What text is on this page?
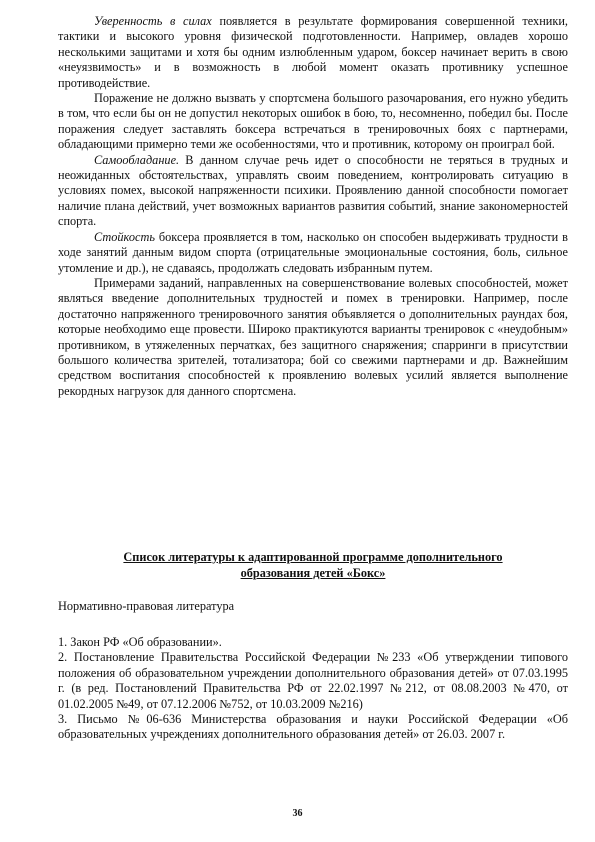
Уверенность в силах появляется в результате формирования совершенной техники, тактики и высокого уровня физической подготовленности. Например, овладев хорошо несколькими защитами и хотя бы одним излюбленным ударом, боксер начинает верить в свою «неуязвимость» и в возможность в любой момент оказать противнику успешное противодействие.

Поражение не должно вызвать у спортсмена большого разочарования, его нужно убедить в том, что если бы он не допустил некоторых ошибок в бою, то, несомненно, победил бы. После поражения следует заставлять боксера встречаться в тренировочных боях с партнерами, обладающими примерно теми же особенностями, что и противник, которому он проиграл бой.

Самообладание. В данном случае речь идет о способности не теряться в трудных и неожиданных обстоятельствах, управлять своим поведением, контролировать ситуацию в условиях помех, высокой напряженности психики. Проявлению данной способности помогает наличие плана действий, учет возможных вариантов развития событий, знание закономерностей спорта.

Стойкость боксера проявляется в том, насколько он способен выдерживать трудности в ходе занятий данным видом спорта (отрицательные эмоциональные состояния, боль, сильное утомление и др.), не сдаваясь, продолжать следовать избранным путем.

Примерами заданий, направленных на совершенствование волевых способностей, может являться введение дополнительных трудностей и помех в тренировки. Например, после достаточно напряженного тренировочного занятия объявляется о дополнительных раундах боя, которые необходимо еще провести. Широко практикуются варианты тренировок с «неудобным» противником, в утяжеленных перчатках, без защитного снаряжения; спарринги в присутствии большого количества зрителей, тотализатора; бой со свежими партнерами и др. Важнейшим средством воспитания способностей к проявлению волевых усилий является выполнение рекордных нагрузок для данного спортсмена.

Список литературы к адаптированной программе дополнительного
образования детей «Бокс»
Нормативно-правовая литература

1. Закон РФ «Об образовании».

2. Постановление Правительства Российской Федерации №233 «Об утверждении типового положения об образовательном учреждении дополнительного образования детей» от 07.03.1995 г. (в ред. Постановлений Правительства РФ от 22.02.1997 №212, от 08.08.2003 №470, от 01.02.2005 №49, от 07.12.2006 №752, от 10.03.2009 №216)

3. Письмо №06-636 Министерства образования и науки Российской Федерации «Об образовательных учреждениях дополнительного образования детей» от 26.03. 2007 г.

36
